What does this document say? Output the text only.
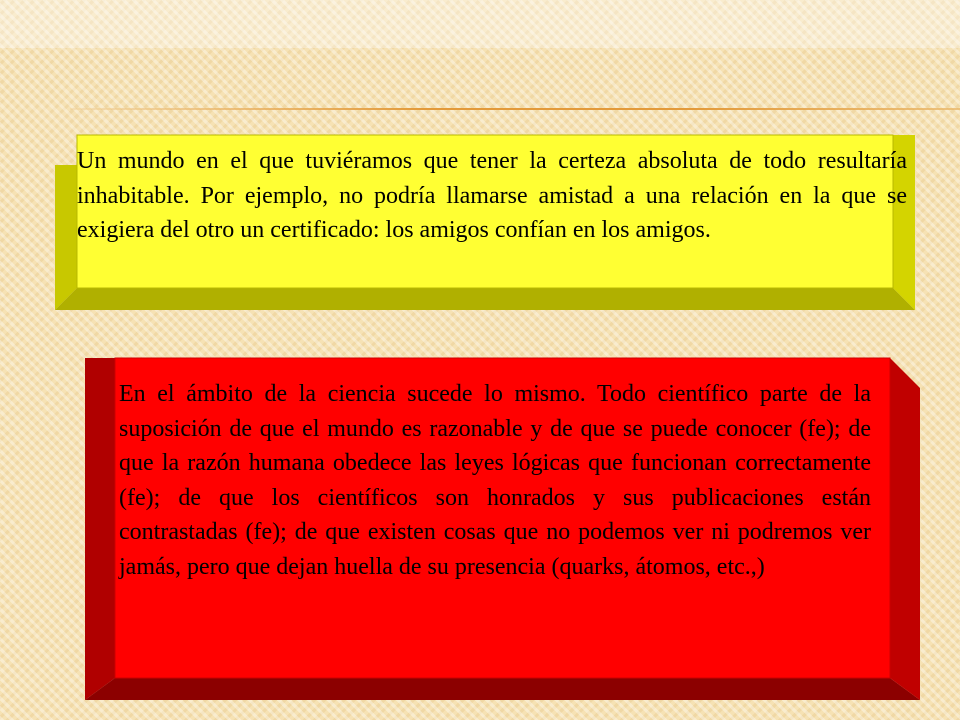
Un mundo en el que tuviéramos que tener la certeza absoluta de todo resultaría inhabitable. Por ejemplo, no podría llamarse amistad a una relación en la que se exigiera del otro un certificado: los amigos confían en los amigos.

En el ámbito de la ciencia sucede lo mismo. Todo científico parte de la suposición de que el mundo es razonable y de que se puede conocer (fe); de que la razón humana obedece las leyes lógicas que funcionan correctamente (fe); de que los científicos son honrados y sus publicaciones están contrastadas (fe); de que existen cosas que no podemos ver ni podremos ver jamás, pero que dejan huella de su presencia (quarks, átomos, etc.,)
